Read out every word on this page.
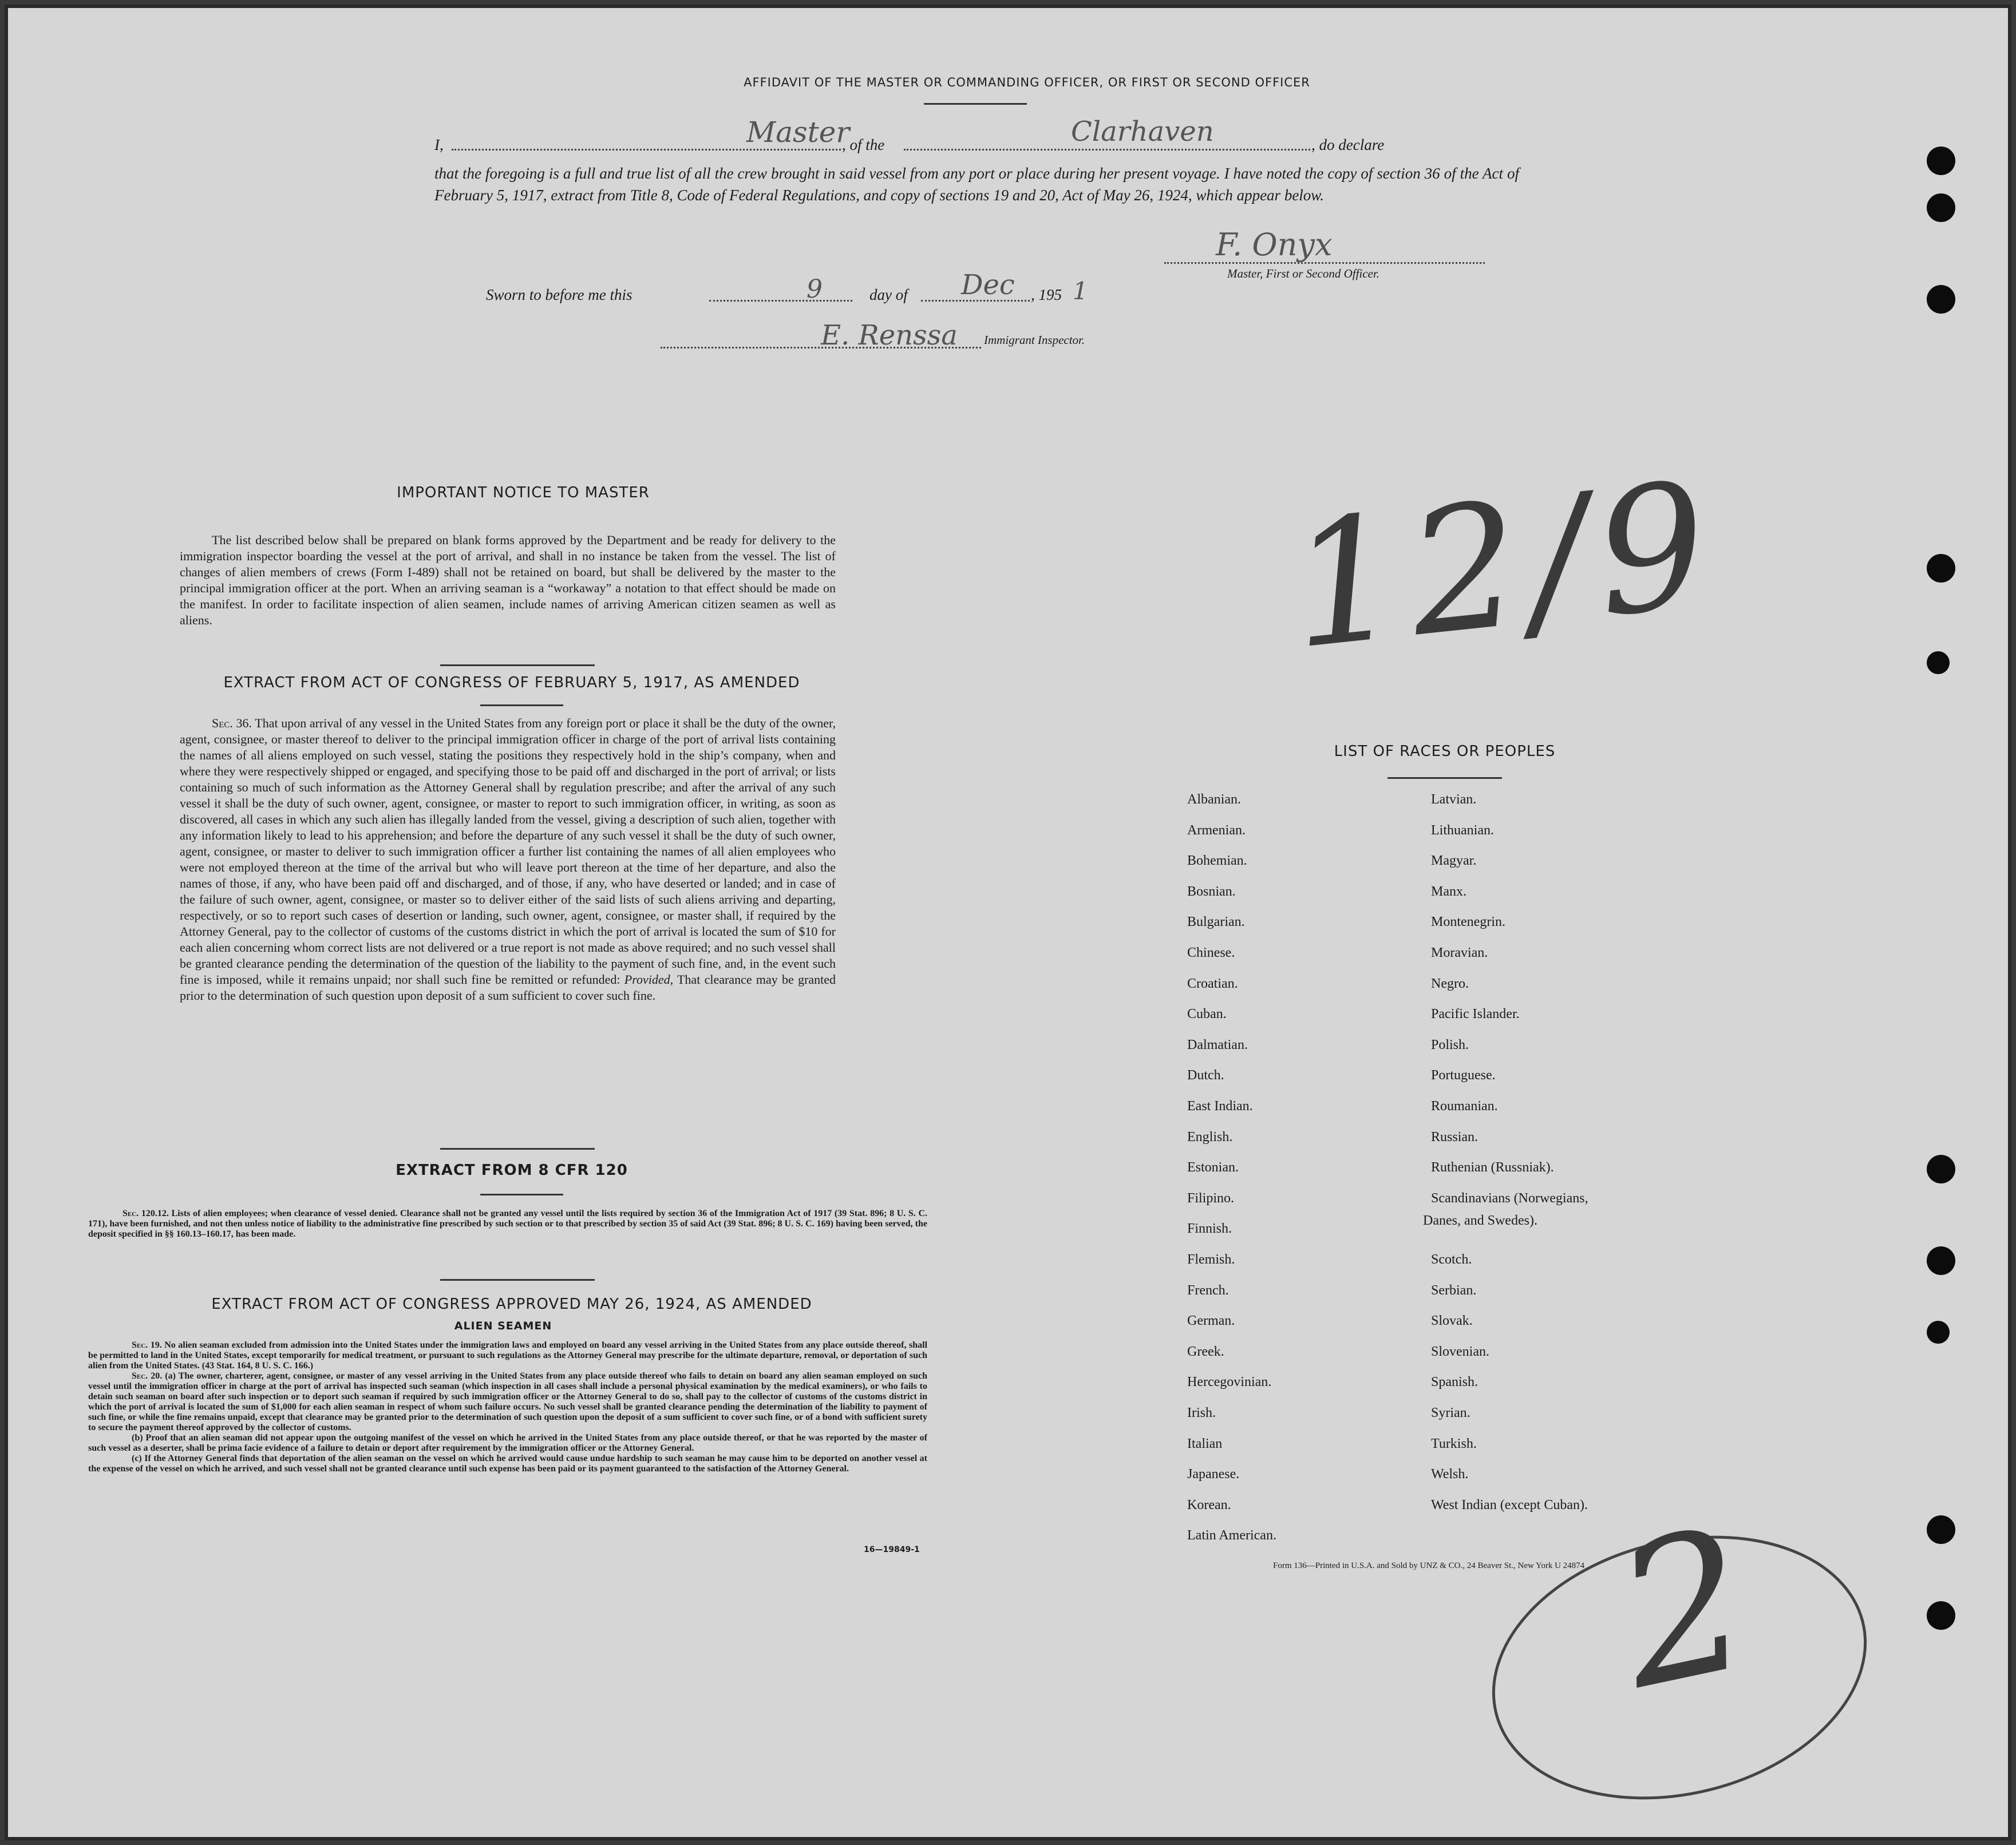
AFFIDAVIT OF THE MASTER OR COMMANDING OFFICER, OR FIRST OR SECOND OFFICER
I,	Master
, of the	Clarhaven	, do declare
that the foregoing is a full and true list of all the crew brought in said vessel from any port or place during her present voyage. I have noted the copy of section 36 of the Act of February 5, 1917, extract from Title 8, Code of Federal Regulations, and copy of sections 19 and 20, Act of May 26, 1924, which appear below.
F. Onyx
Master, First or Second Officer.
Sworn to before me this	9	day of Dec , 195 1
E. Renssa Immigrant Inspector.
IMPORTANT NOTICE TO MASTER
The list described below shall be prepared on blank forms approved by the Department and be ready for delivery to the immigration inspector boarding the vessel at the port of arrival, and shall in no instance be taken from the vessel. The list of changes of alien members of crews (Form I-489) shall not be retained on board, but shall be delivered by the master to the principal immigration officer at the port. When an arriving seaman is a “workaway” a notation to that effect should be made on the manifest. In order to facilitate inspection of alien seamen, include names of arriving American citizen seamen as well as aliens.
EXTRACT FROM ACT OF CONGRESS OF FEBRUARY 5, 1917, AS AMENDED
Sec. 36. That upon arrival of any vessel in the United States from any foreign port or place it shall be the duty of the owner, agent, consignee, or master thereof to deliver to the principal immigration officer in charge of the port of arrival lists containing the names of all aliens employed on such vessel, stating the positions they respectively hold in the ship’s company, when and where they were respectively shipped or engaged, and specifying those to be paid off and discharged in the port of arrival; or lists containing so much of such information as the Attorney General shall by regulation prescribe; and after the arrival of any such vessel it shall be the duty of such owner, agent, consignee, or master to report to such immigration officer, in writing, as soon as discovered, all cases in which any such alien has illegally landed from the vessel, giving a description of such alien, together with any information likely to lead to his apprehension; and before the departure of any such vessel it shall be the duty of such owner, agent, consignee, or master to deliver to such immigration officer a further list containing the names of all alien employees who were not employed thereon at the time of the arrival but who will leave port thereon at the time of her departure, and also the names of those, if any, who have been paid off and discharged, and of those, if any, who have deserted or landed; and in case of the failure of such owner, agent, consignee, or master so to deliver either of the said lists of such aliens arriving and departing, respectively, or so to report such cases of desertion or landing, such owner, agent, consignee, or master shall, if required by the Attorney General, pay to the collector of customs of the customs district in which the port of arrival is located the sum of $10 for each alien concerning whom correct lists are not delivered or a true report is not made as above required; and no such vessel shall be granted clearance pending the determination of the question of the liability to the payment of such fine, and, in the event such fine is imposed, while it remains unpaid; nor shall such fine be remitted or refunded: Provided, That clearance may be granted prior to the determination of such question upon deposit of a sum sufficient to cover such fine.
EXTRACT FROM 8 CFR 120
Sec. 120.12. Lists of alien employees; when clearance of vessel denied. Clearance shall not be granted any vessel until the lists required by section 36 of the Immigration Act of 1917 (39 Stat. 896; 8 U. S. C. 171), have been furnished, and not then unless notice of liability to the administrative fine prescribed by such section or to that prescribed by section 35 of said Act (39 Stat. 896; 8 U. S. C. 169) having been served, the deposit specified in §§ 160.13–160.17, has been made.
EXTRACT FROM ACT OF CONGRESS APPROVED MAY 26, 1924, AS AMENDED
ALIEN SEAMEN
Sec. 19. No alien seaman excluded from admission into the United States under the immigration laws and employed on board any vessel arriving in the United States from any place outside thereof, shall be permitted to land in the United States, except temporarily for medical treatment, or pursuant to such regulations as the Attorney General may prescribe for the ultimate departure, removal, or deportation of such alien from the United States. (43 Stat. 164, 8 U. S. C. 166.)
Sec. 20. (a) The owner, charterer, agent, consignee, or master of any vessel arriving in the United States from any place outside thereof who fails to detain on board any alien seaman employed on such vessel until the immigration officer in charge at the port of arrival has inspected such seaman (which inspection in all cases shall include a personal physical examination by the medical examiners), or who fails to detain such seaman on board after such inspection or to deport such seaman if required by such immigration officer or the Attorney General to do so, shall pay to the collector of customs of the customs district in which the port of arrival is located the sum of $1,000 for each alien seaman in respect of whom such failure occurs. No such vessel shall be granted clearance pending the determination of the liability to payment of such fine, or while the fine remains unpaid, except that clearance may be granted prior to the determination of such question upon the deposit of a sum sufficient to cover such fine, or of a bond with sufficient surety to secure the payment thereof approved by the collector of customs.
(b) Proof that an alien seaman did not appear upon the outgoing manifest of the vessel on which he arrived in the United States from any place outside thereof, or that he was reported by the master of such vessel as a deserter, shall be prima facie evidence of a failure to detain or deport after requirement by the immigration officer or the Attorney General.
(c) If the Attorney General finds that deportation of the alien seaman on the vessel on which he arrived would cause undue hardship to such seaman he may cause him to be deported on another vessel at the expense of the vessel on which he arrived, and such vessel shall not be granted clearance until such expense has been paid or its payment guaranteed to the satisfaction of the Attorney General.
16—19849-1
LIST OF RACES OR PEOPLES
Albanian.
Armenian.
Bohemian.
Bosnian.
Bulgarian.
Chinese.
Croatian.
Cuban.
Dalmatian.
Dutch.
East Indian.
English.
Estonian.
Filipino.
Finnish.
Flemish.
French.
German.
Greek.
Hercegovinian.
Irish.
Italian
Japanese.
Korean.
Latin American.
Latvian.
Lithuanian.
Magyar.
Manx.
Montenegrin.
Moravian.
Negro.
Pacific Islander.
Polish.
Portuguese.
Roumanian.
Russian.
Ruthenian (Russniak).
Scandinavians (Norwegians,
Scotch.
Serbian.
Slovak.
Slovenian.
Spanish.
Syrian.
Turkish.
Welsh.
West Indian (except Cuban).
Danes, and Swedes).
Form 136—Printed in U.S.A. and Sold by UNZ & CO., 24 Beaver St., New York U 24874
12/9
2
